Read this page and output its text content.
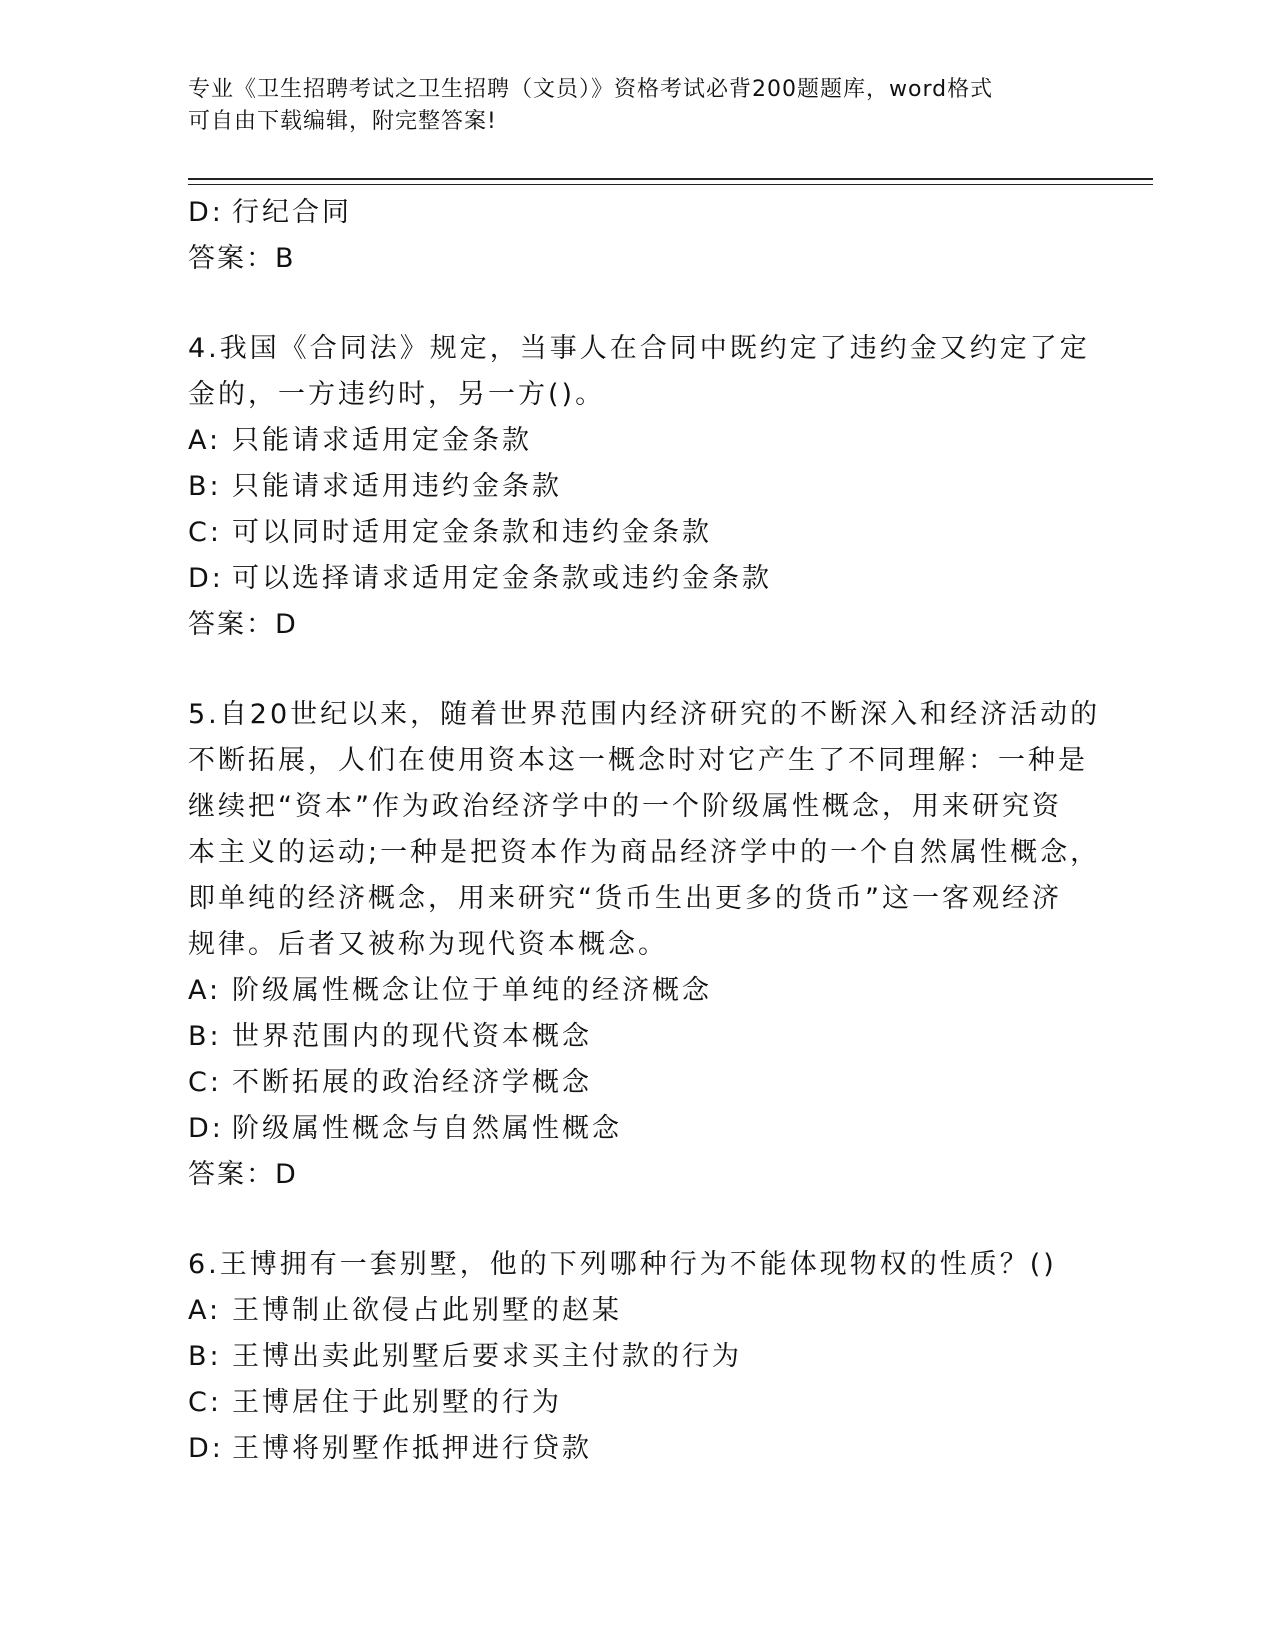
专业《卫生招聘考试之卫生招聘（文员）》资格考试必背200题题库，word格式
可自由下载编辑，附完整答案!
D: 行纪合同
答案：B
4.我国《合同法》规定，当事人在合同中既约定了违约金又约定了定
金的，一方违约时，另一方()。
A: 只能请求适用定金条款
B: 只能请求适用违约金条款
C: 可以同时适用定金条款和违约金条款
D: 可以选择请求适用定金条款或违约金条款
答案：D
5.自20世纪以来，随着世界范围内经济研究的不断深入和经济活动的
不断拓展，人们在使用资本这一概念时对它产生了不同理解：一种是
继续把“资本”作为政治经济学中的一个阶级属性概念，用来研究资
本主义的运动;一种是把资本作为商品经济学中的一个自然属性概念，
即单纯的经济概念，用来研究“货币生出更多的货币”这一客观经济
规律。后者又被称为现代资本概念。
A: 阶级属性概念让位于单纯的经济概念
B: 世界范围内的现代资本概念
C: 不断拓展的政治经济学概念
D: 阶级属性概念与自然属性概念
答案：D
6.王博拥有一套别墅，他的下列哪种行为不能体现物权的性质？()
A: 王博制止欲侵占此别墅的赵某
B: 王博出卖此别墅后要求买主付款的行为
C: 王博居住于此别墅的行为
D: 王博将别墅作抵押进行贷款
